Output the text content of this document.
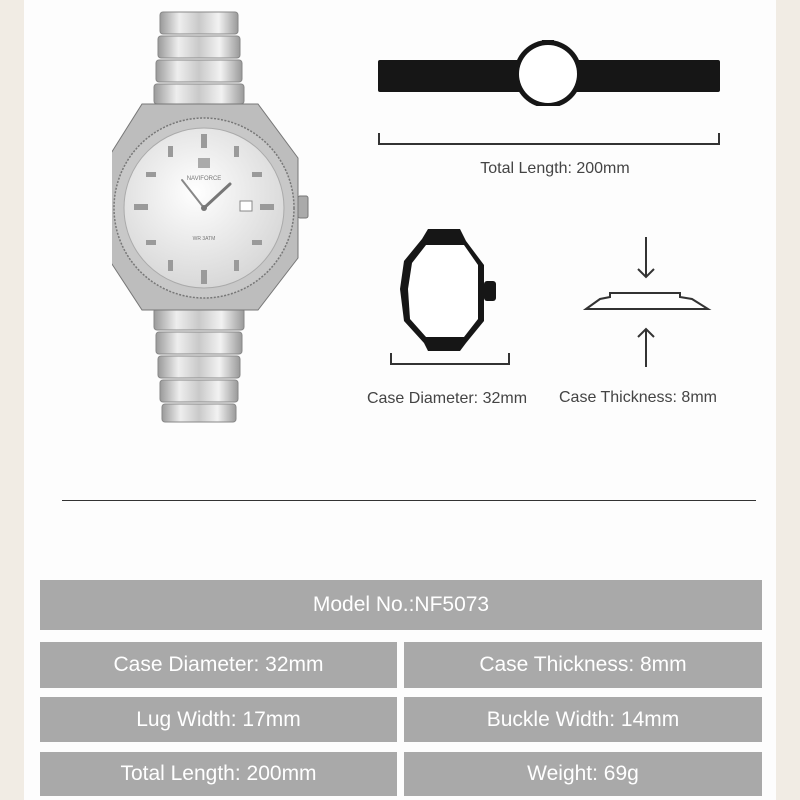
NAVIFORCE
WR 3ATM
Total Length: 200mm
Case Diameter: 32mm	Case Thickness: 8mm
Model No.:NF5073
Case Diameter: 32mm	Case Thickness: 8mm
Lug Width: 17mm	Buckle Width: 14mm
Total Length: 200mm	Weight: 69g
